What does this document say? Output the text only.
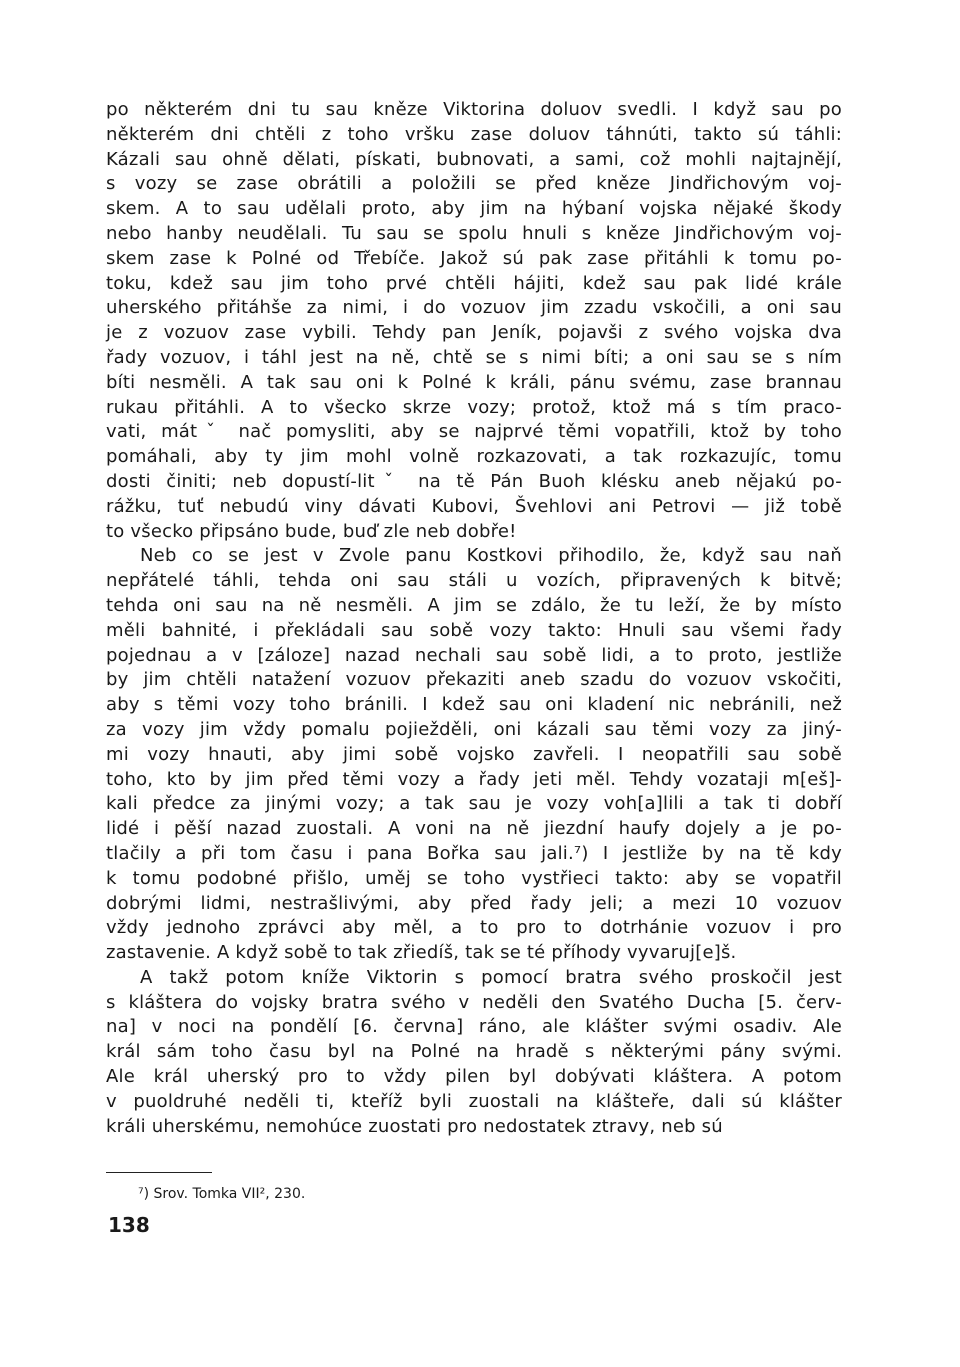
po některém dni tu sau kněze Viktorina doluov svedli. I když sau po
některém dni chtěli z toho vršku zase doluov táhnúti, takto sú táhli:
Kázali sau ohně dělati, pískati, bubnovati, a sami, což mohli najtajnějí,
s vozy se zase obrátili a položili se před kněze Jindřichovým voj-
skem. A to sau udělali proto, aby jim na hýbaní vojska nějaké škody
nebo hanby neudělali. Tu sau se spolu hnuli s kněze Jindřichovým voj-
skem zase k Polné od Třebíče. Jakož sú pak zase přitáhli k tomu po-
toku, kdež sau jim toho prvé chtěli hájiti, kdež sau pak lidé krále
uherského přitáhše za nimi, i do vozuov jim zzadu vskočili, a oni sau
je z vozuov zase vybili. Tehdy pan Jeník, pojavši z svého vojska dva
řady vozuov, i táhl jest na ně, chtě se s nimi bíti; a oni sau se s ním
bíti nesměli. A tak sau oni k Polné k králi, pánu svému, zase brannau
rukau přitáhli. A to všecko skrze vozy; protož, ktož má s tím praco-
vati, mátˇ nač pomysliti, aby se najprvé těmi vopatřili, ktož by toho
pomáhali, aby ty jim mohl volně rozkazovati, a tak rozkazujíc, tomu
dosti činiti; neb dopustí-litˇ na tě Pán Buoh klésku aneb nějakú po-
rážku, tuť nebudú viny dávati Kubovi, Švehlovi ani Petrovi — již tobě
to všecko připsáno bude, buď zle neb dobře!

Neb co se jest v Zvole panu Kostkovi přihodilo, že, když sau naň
nepřátelé táhli, tehda oni sau stáli u vozích, připravených k bitvě;
tehda oni sau na ně nesměli. A jim se zdálo, že tu leží, že by místo
měli bahnité, i překládali sau sobě vozy takto: Hnuli sau všemi řady
pojednau a v [záloze] nazad nechali sau sobě lidi, a to proto, jestliže
by jim chtěli natažení vozuov překaziti aneb szadu do vozuov vskočiti,
aby s těmi vozy toho bránili. I kdež sau oni kladení nic nebránili, než
za vozy jim vždy pomalu pojiežděli, oni kázali sau těmi vozy za jiný-
mi vozy hnauti, aby jimi sobě vojsko zavřeli. I neopatřili sau sobě
toho, kto by jim před těmi vozy a řady jeti měl. Tehdy vozataji m[eš]-
kali předce za jinými vozy; a tak sau je vozy voh[a]lili a tak ti dobří
lidé i pěší nazad zuostali. A voni na ně jiezdní haufy dojely a je po-
tlačily a při tom času i pana Bořka sau jali.⁷) I jestliže by na tě kdy
k tomu podobné přišlo, uměj se toho vystřieci takto: aby se vopatřil
dobrými lidmi, nestrašlivými, aby před řady jeli; a mezi 10 vozuov
vždy jednoho zprávci aby měl, a to pro to dotrhánie vozuov i pro
zastavenie. A když sobě to tak zřiedíš, tak se té příhody vyvaruj[e]š.

A takž potom kníže Viktorin s pomocí bratra svého proskočil jest
s kláštera do vojsky bratra svého v neděli den Svatého Ducha [5. červ-
na] v noci na pondělí [6. června] ráno, ale klášter svými osadiv. Ale
král sám toho času byl na Polné na hradě s některými pány svými.
Ale král uherský pro to vždy pilen byl dobývati kláštera. A potom
v puoldruhé neděli ti, kteříž byli zuostali na klášteře, dali sú klášter
králi uherskému, nemohúce zuostati pro nedostatek ztravy, neb sú

⁷) Srov. Tomka VII², 230.
138
